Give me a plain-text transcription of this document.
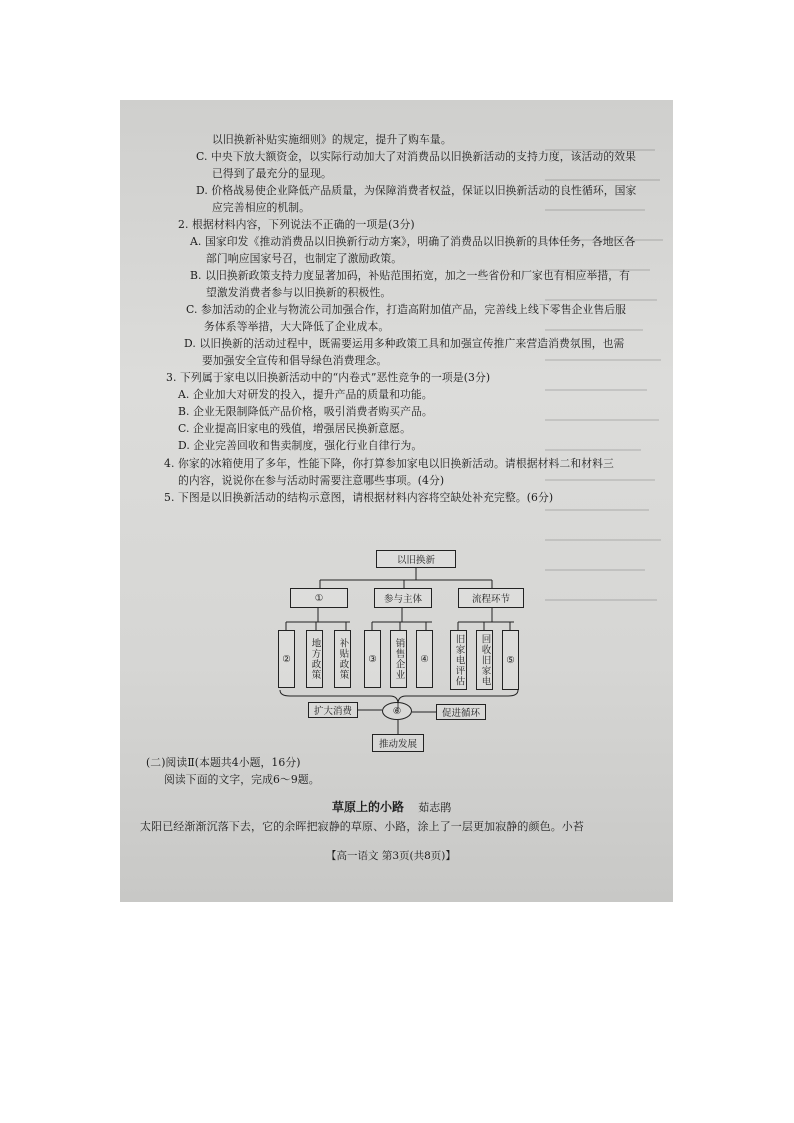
以旧换新补贴实施细则》的规定，提升了购车量。
C. 中央下放大额资金，以实际行动加大了对消费品以旧换新活动的支持力度，该活动的效果
已得到了最充分的显现。
D. 价格战易使企业降低产品质量，为保障消费者权益，保证以旧换新活动的良性循环，国家
应完善相应的机制。
2. 根据材料内容，下列说法不正确的一项是(3分)
A. 国家印发《推动消费品以旧换新行动方案》，明确了消费品以旧换新的具体任务，各地区各
部门响应国家号召，也制定了激励政策。
B. 以旧换新政策支持力度显著加码，补贴范围拓宽，加之一些省份和厂家也有相应举措，有
望激发消费者参与以旧换新的积极性。
C. 参加活动的企业与物流公司加强合作，打造高附加值产品，完善线上线下零售企业售后服
务体系等举措，大大降低了企业成本。
D. 以旧换新的活动过程中，既需要运用多种政策工具和加强宣传推广来营造消费氛围，也需
要加强安全宣传和倡导绿色消费理念。
3. 下列属于家电以旧换新活动中的“内卷式”恶性竞争的一项是(3分)
A. 企业加大对研发的投入，提升产品的质量和功能。
B. 企业无限制降低产品价格，吸引消费者购买产品。
C. 企业提高旧家电的残值，增强居民换新意愿。
D. 企业完善回收和售卖制度，强化行业自律行为。
4. 你家的冰箱使用了多年，性能下降，你打算参加家电以旧换新活动。请根据材料二和材料三
的内容，说说你在参与活动时需要注意哪些事项。(4分)
5. 下图是以旧换新活动的结构示意图，请根据材料内容将空缺处补充完整。(6分)
以旧换新
①	参与主体	流程环节
②	地方政策 补贴政策	③	销售企业	④	旧家电评估 回收旧家电	⑤
扩大消费	⑥	促进循环
推动发展
(二)阅读Ⅱ(本题共4小题，16分)
阅读下面的文字，完成6～9题。
草原上的小路 茹志鹃
太阳已经渐渐沉落下去，它的余晖把寂静的草原、小路，涂上了一层更加寂静的颜色。小苔
【高一语文 第3页(共8页)】
